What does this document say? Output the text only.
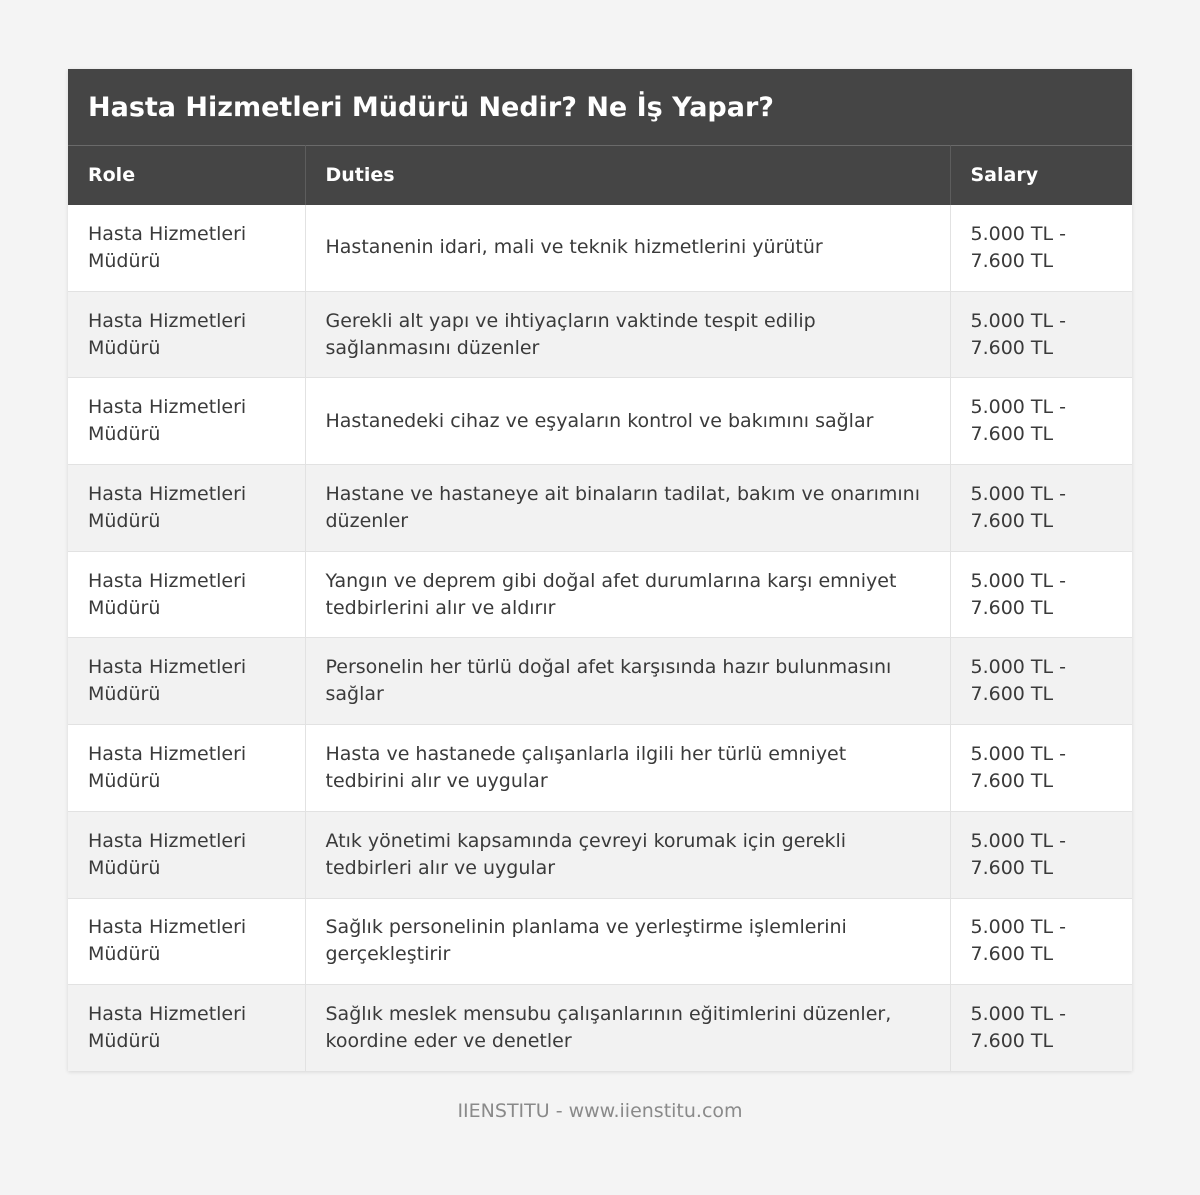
Hasta Hizmetleri Müdürü Nedir? Ne İş Yapar?
Role	Duties	Salary
Hasta Hizmetleri Müdürü	Hastanenin idari, mali ve teknik hizmetlerini yürütür	5.000 TL - 7.600 TL
Hasta Hizmetleri Müdürü	Gerekli alt yapı ve ihtiyaçların vaktinde tespit edilip sağlanmasını düzenler	5.000 TL - 7.600 TL
Hasta Hizmetleri Müdürü	Hastanedeki cihaz ve eşyaların kontrol ve bakımını sağlar	5.000 TL - 7.600 TL
Hasta Hizmetleri Müdürü	Hastane ve hastaneye ait binaların tadilat, bakım ve onarımını düzenler	5.000 TL - 7.600 TL
Hasta Hizmetleri Müdürü	Yangın ve deprem gibi doğal afet durumlarına karşı emniyet tedbirlerini alır ve aldırır	5.000 TL - 7.600 TL
Hasta Hizmetleri Müdürü	Personelin her türlü doğal afet karşısında hazır bulunmasını sağlar	5.000 TL - 7.600 TL
Hasta Hizmetleri Müdürü	Hasta ve hastanede çalışanlarla ilgili her türlü emniyet tedbirini alır ve uygular	5.000 TL - 7.600 TL
Hasta Hizmetleri Müdürü	Atık yönetimi kapsamında çevreyi korumak için gerekli tedbirleri alır ve uygular	5.000 TL - 7.600 TL
Hasta Hizmetleri Müdürü	Sağlık personelinin planlama ve yerleştirme işlemlerini gerçekleştirir	5.000 TL - 7.600 TL
Hasta Hizmetleri Müdürü	Sağlık meslek mensubu çalışanlarının eğitimlerini düzenler, koordine eder ve denetler	5.000 TL - 7.600 TL
IIENSTITU - www.iienstitu.com
